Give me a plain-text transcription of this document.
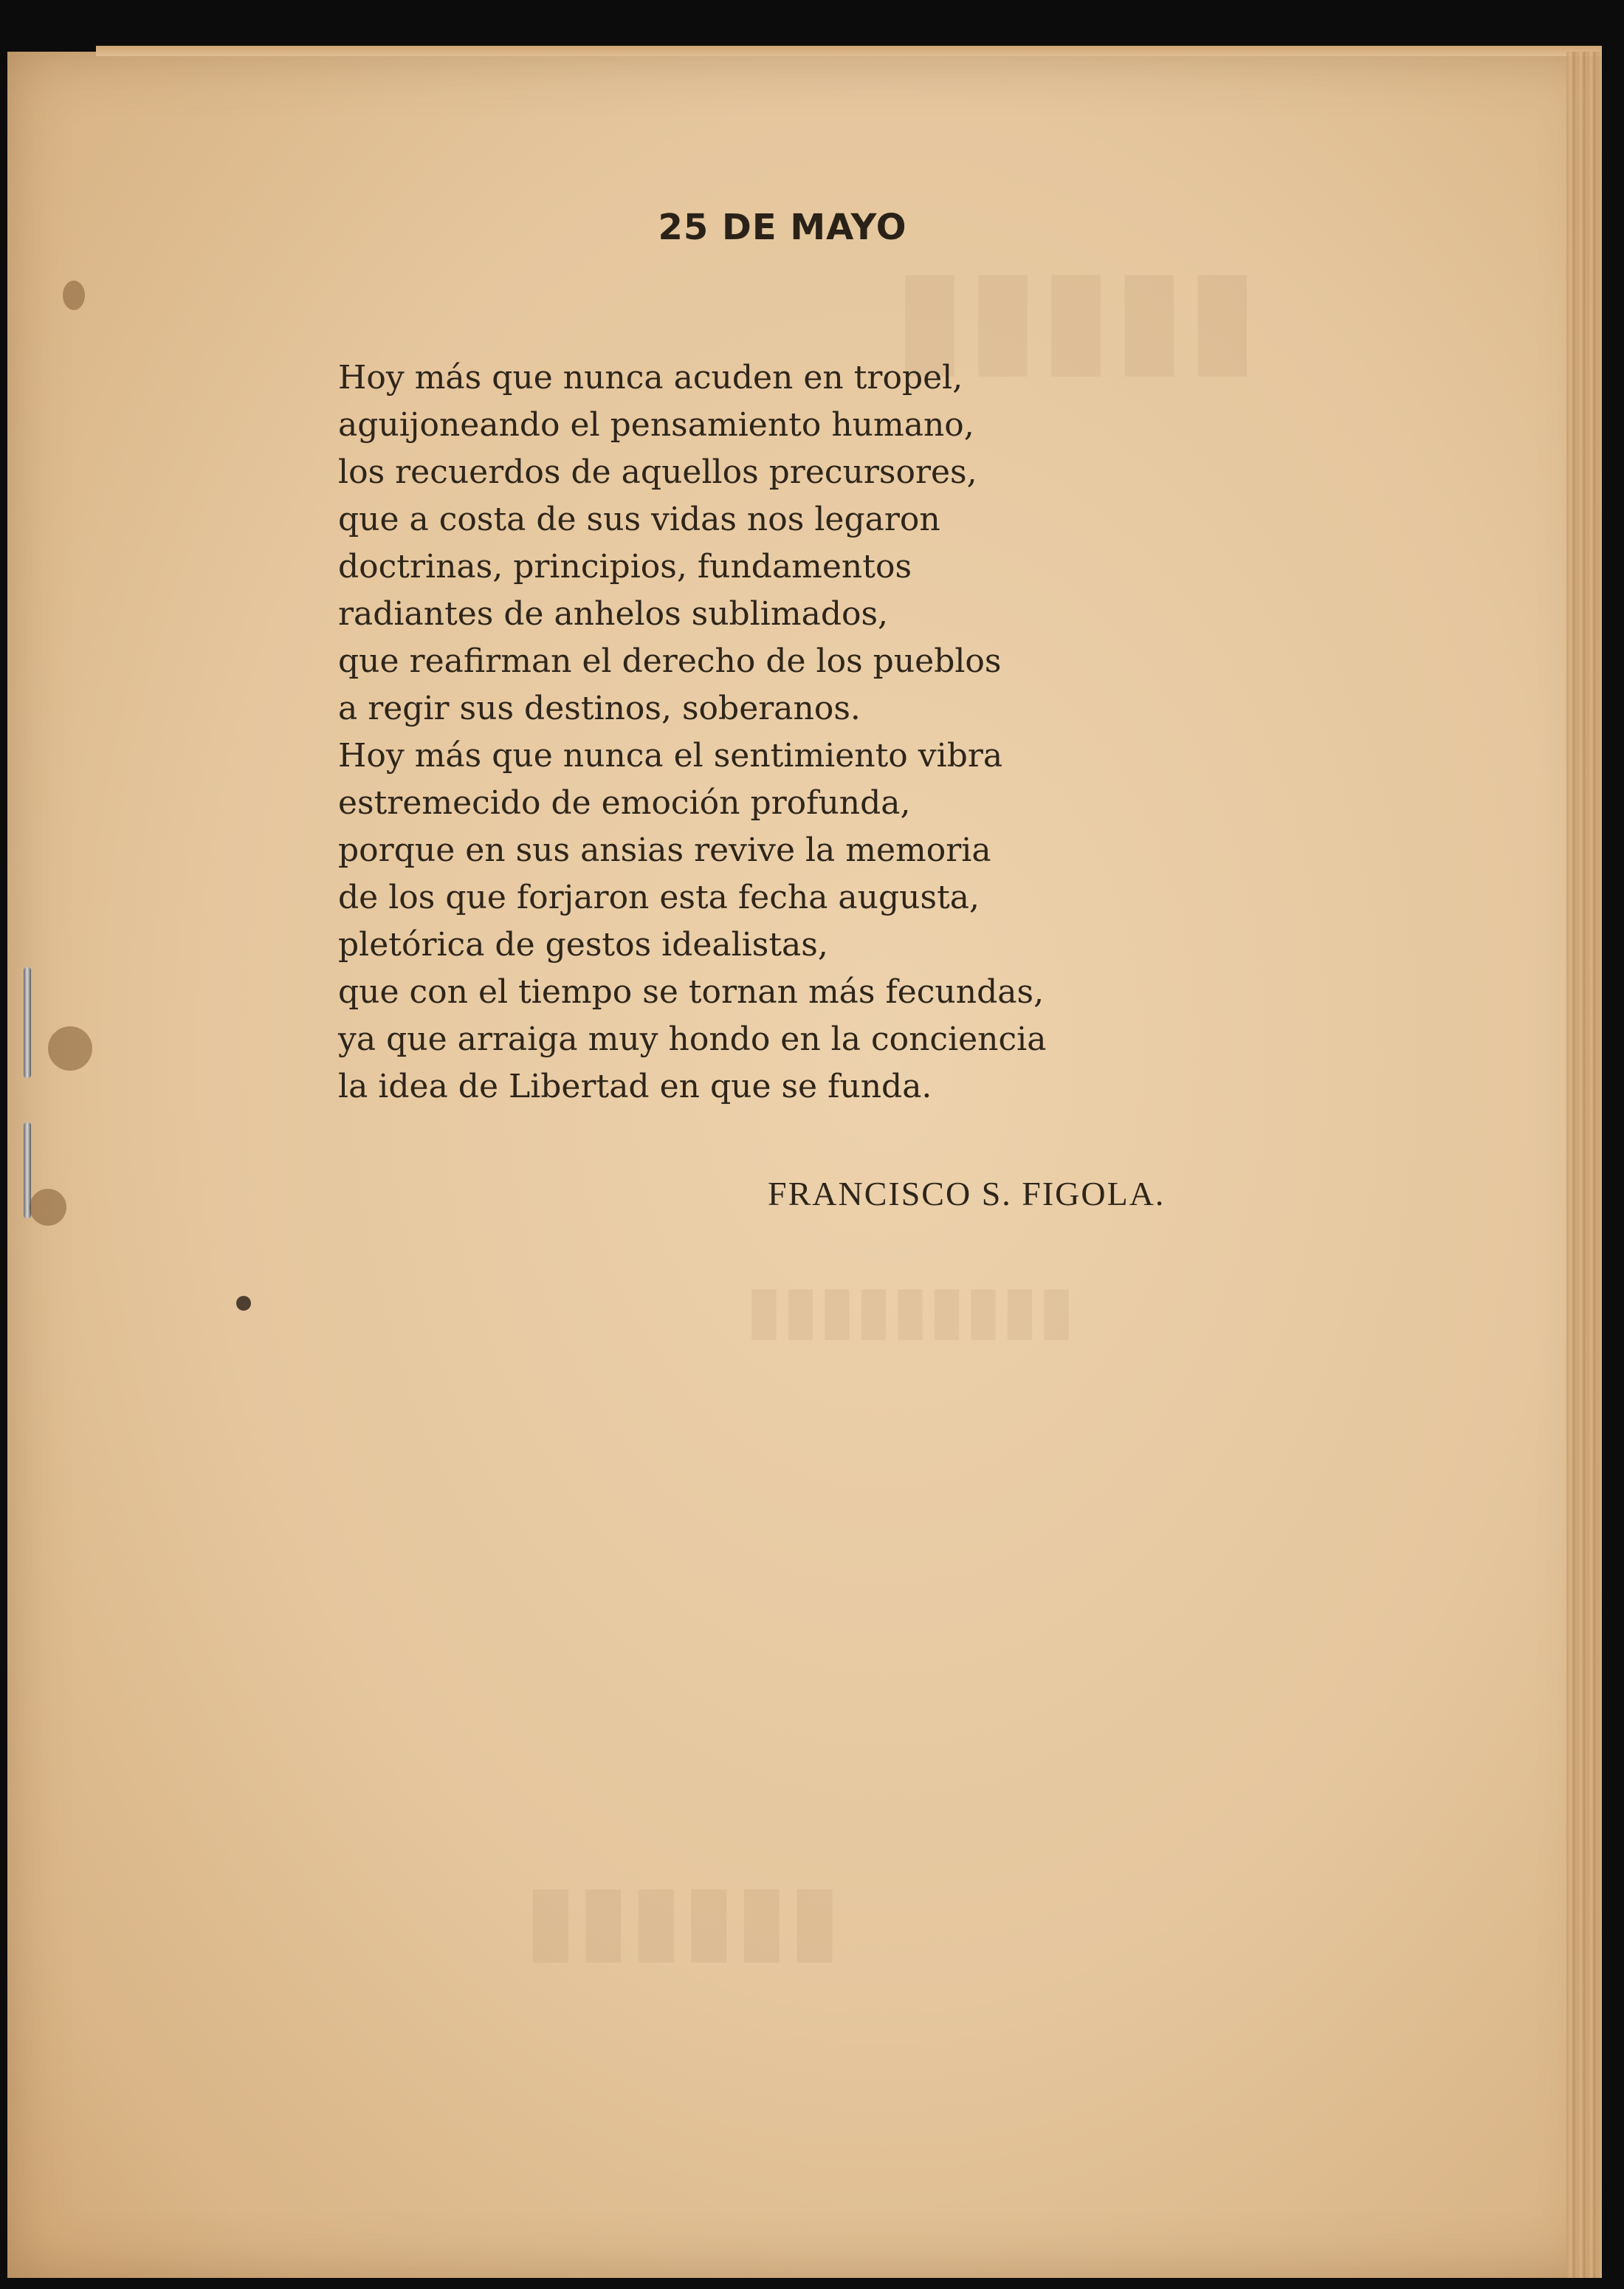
▮▮▮▮▮
▮▮▮▮▮▮▮▮▮
▮▮▮▮▮▮
25 DE MAYO
Hoy más que nunca acuden en tropel,
aguijoneando el pensamiento humano,
los recuerdos de aquellos precursores,
que a costa de sus vidas nos legaron
doctrinas, principios, fundamentos
radiantes de anhelos sublimados,
que reafirman el derecho de los pueblos
a regir sus destinos, soberanos.
Hoy más que nunca el sentimiento vibra
estremecido de emoción profunda,
porque en sus ansias revive la memoria
de los que forjaron esta fecha augusta,
pletórica de gestos idealistas,
que con el tiempo se tornan más fecundas,
ya que arraiga muy hondo en la conciencia
la idea de Libertad en que se funda.
FRANCISCO S. FIGOLA.
